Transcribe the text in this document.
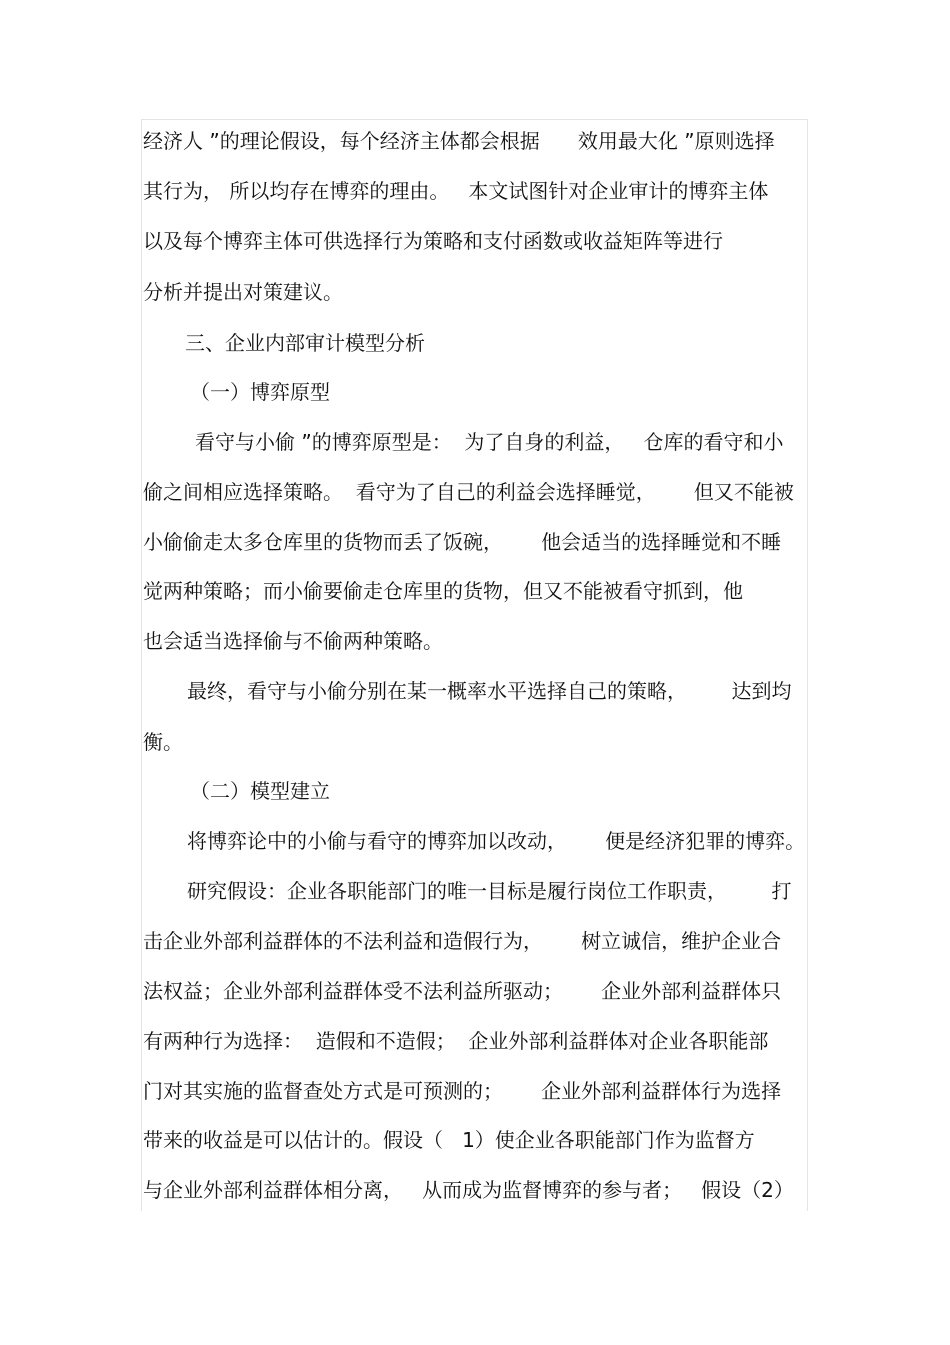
经济人 ”的理论假设，每个经济主体都会根据      效用最大化 ”原则选择
其行为， 所以均存在博弈的理由。   本文试图针对企业审计的博弈主体
以及每个博弈主体可供选择行为策略和支付函数或收益矩阵等进行
分析并提出对策建议。
三、企业内部审计模型分析
（一）博弈原型
看守与小偷 ”的博弈原型是：  为了自身的利益，   仓库的看守和小
偷之间相应选择策略。  看守为了自己的利益会选择睡觉，      但又不能被
小偷偷走太多仓库里的货物而丢了饭碗，      他会适当的选择睡觉和不睡
觉两种策略；而小偷要偷走仓库里的货物，但又不能被看守抓到，他
也会适当选择偷与不偷两种策略。
最终，看守与小偷分别在某一概率水平选择自己的策略，       达到均
衡。
（二）模型建立
将博弈论中的小偷与看守的博弈加以改动，      便是经济犯罪的博弈。
研究假设：企业各职能部门的唯一目标是履行岗位工作职责，       打
击企业外部利益群体的不法利益和造假行为，      树立诚信，维护企业合
法权益；企业外部利益群体受不法利益所驱动；      企业外部利益群体只
有两种行为选择：  造假和不造假；  企业外部利益群体对企业各职能部
门对其实施的监督查处方式是可预测的；      企业外部利益群体行为选择
带来的收益是可以估计的。假设（   1）使企业各职能部门作为监督方
与企业外部利益群体相分离，   从而成为监督博弈的参与者；   假设（2）
